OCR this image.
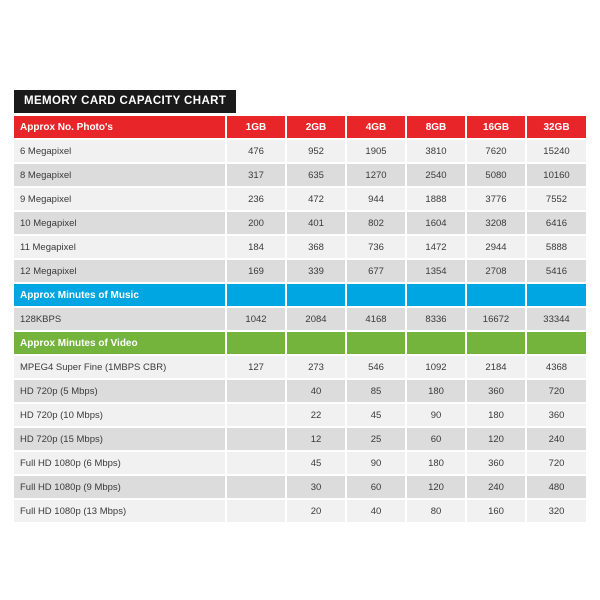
MEMORY CARD CAPACITY CHART
Approx No. Photo's	1GB	2GB	4GB	8GB	16GB	32GB
6 Megapixel	476	952	1905	3810	7620	15240
8 Megapixel	317	635	1270	2540	5080	10160
9 Megapixel	236	472	944	1888	3776	7552
10 Megapixel	200	401	802	1604	3208	6416
11 Megapixel	184	368	736	1472	2944	5888
12 Megapixel	169	339	677	1354	2708	5416
Approx Minutes of Music						
128KBPS	1042	2084	4168	8336	16672	33344
Approx Minutes of Video						
MPEG4 Super Fine (1MBPS CBR)	127	273	546	1092	2184	4368
HD 720p (5 Mbps)		40	85	180	360	720
HD 720p (10 Mbps)		22	45	90	180	360
HD 720p (15 Mbps)		12	25	60	120	240
Full HD 1080p (6 Mbps)		45	90	180	360	720
Full HD 1080p (9 Mbps)		30	60	120	240	480
Full HD 1080p (13 Mbps)		20	40	80	160	320
